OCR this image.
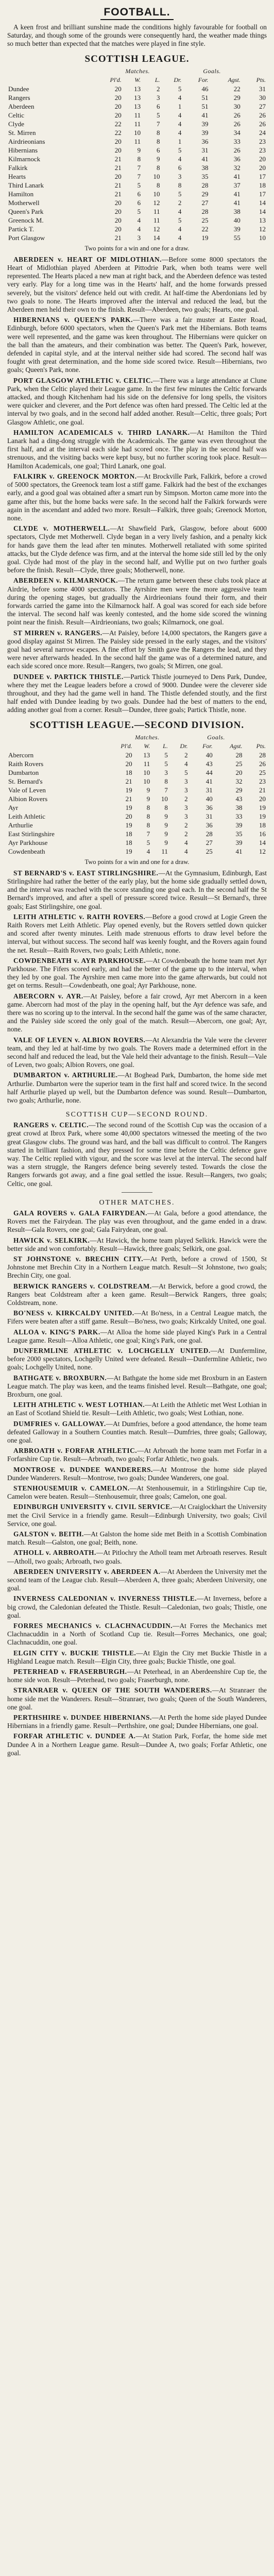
FOOTBALL.

A keen frost and brilliant sunshine made the conditions highly favourable for football on Saturday, and though some of the grounds were consequently hard, the weather made things so much better than expected that the matches were played in fine style.

SCOTTISH LEAGUE.
	Matches.				Goals.		
	Pl'd.	W.	L.	Dr.	For.	Agst.	Pts.
Dundee	20	13	2	5	46	22	31
Rangers	20	13	3	4	51	29	30
Aberdeen	20	13	6	1	51	30	27
Celtic	20	11	5	4	41	26	26
Clyde	22	11	7	4	39	26	26
St. Mirren	22	10	8	4	39	34	24
Airdrieonians	20	11	8	1	36	33	23
Hibernians	20	9	6	5	31	26	23
Kilmarnock	21	8	9	4	41	36	20
Falkirk	21	7	8	6	38	32	20
Hearts	20	7	10	3	35	41	17
Third Lanark	21	5	8	8	28	37	18
Hamilton	21	6	10	5	29	41	17
Motherwell	20	6	12	2	27	41	14
Queen's Park	20	5	11	4	28	38	14
Greenock M.	20	4	11	5	25	40	13
Partick T.	20	4	12	4	22	39	12
Port Glasgow	21	3	14	4	19	55	10

Two points for a win and one for a draw.

ABERDEEN v. HEART OF MIDLOTHIAN.—Before some 8000 spectators the Heart of Midlothian played Aberdeen at Pittodrie Park, when both teams were well represented. The Hearts placed a new man at right back, and the Aberdeen defence was tested very early. Play for a long time was in the Hearts' half, and the home forwards pressed severely, but the visitors' defence held out with credit. At half-time the Aberdonians led by two goals to none. The Hearts improved after the interval and reduced the lead, but the Aberdeen men held their own to the finish. Result—Aberdeen, two goals; Hearts, one goal.

HIBERNIANS v. QUEEN'S PARK.—There was a fair muster at Easter Road, Edinburgh, before 6000 spectators, when the Queen's Park met the Hibernians. Both teams were well represented, and the game was keen throughout. The Hibernians were quicker on the ball than the amateurs, and their combination was better. The Queen's Park, however, defended in capital style, and at the interval neither side had scored. The second half was fought with great determination, and the home side scored twice. Result—Hibernians, two goals; Queen's Park, none.

PORT GLASGOW ATHLETIC v. CELTIC.—There was a large attendance at Clune Park, when the Celtic played their League game. In the first few minutes the Celtic forwards attacked, and though Kitchenham had his side on the defensive for long spells, the visitors were quicker and cleverer, and the Port defence was often hard pressed. The Celtic led at the interval by two goals, and in the second half added another. Result—Celtic, three goals; Port Glasgow Athletic, one goal.

HAMILTON ACADEMICALS v. THIRD LANARK.—At Hamilton the Third Lanark had a ding-dong struggle with the Academicals. The game was even throughout the first half, and at the interval each side had scored once. The play in the second half was strenuous, and the visiting backs were kept busy, but no further scoring took place. Result—Hamilton Academicals, one goal; Third Lanark, one goal.

FALKIRK v. GREENOCK MORTON.—At Brockville Park, Falkirk, before a crowd of 5000 spectators, the Greenock team lost a stiff game. Falkirk had the best of the exchanges early, and a good goal was obtained after a smart run by Simpson. Morton came more into the game after this, but the home backs were safe. In the second half the Falkirk forwards were again in the ascendant and added two more. Result—Falkirk, three goals; Greenock Morton, none.

CLYDE v. MOTHERWELL.—At Shawfield Park, Glasgow, before about 6000 spectators, Clyde met Motherwell. Clyde began in a very lively fashion, and a penalty kick for hands gave them the lead after ten minutes. Motherwell retaliated with some spirited attacks, but the Clyde defence was firm, and at the interval the home side still led by the only goal. Clyde had most of the play in the second half, and Wyllie put on two further goals before the finish. Result—Clyde, three goals; Motherwell, none.

ABERDEEN v. KILMARNOCK.—The return game between these clubs took place at Airdrie, before some 4000 spectators. The Ayrshire men were the more aggressive team during the opening stages, but gradually the Airdrieonians found their form, and their forwards carried the game into the Kilmarnock half. A goal was scored for each side before the interval. The second half was keenly contested, and the home side scored the winning point near the finish. Result—Airdrieonians, two goals; Kilmarnock, one goal.

ST MIRREN v. RANGERS.—At Paisley, before 14,000 spectators, the Rangers gave a good display against St Mirren. The Paisley side pressed in the early stages, and the visitors' goal had several narrow escapes. A fine effort by Smith gave the Rangers the lead, and they were never afterwards headed. In the second half the game was of a determined nature, and each side scored once more. Result—Rangers, two goals; St Mirren, one goal.

DUNDEE v. PARTICK THISTLE.—Partick Thistle journeyed to Dens Park, Dundee, where they met the League leaders before a crowd of 9000. Dundee were the cleverer side throughout, and they had the game well in hand. The Thistle defended stoutly, and the first half ended with Dundee leading by two goals. Dundee had the best of matters to the end, adding another goal from a corner. Result—Dundee, three goals; Partick Thistle, none.

SCOTTISH LEAGUE.—SECOND DIVISION.
	Matches.				Goals.		
	Pl'd.	W.	L.	Dr.	For.	Agst.	Pts.
Abercorn	20	13	5	2	40	28	28
Raith Rovers	20	11	5	4	43	25	26
Dumbarton	18	10	3	5	44	20	25
St. Bernard's	21	10	8	3	41	32	23
Vale of Leven	19	9	7	3	31	29	21
Albion Rovers	21	9	10	2	40	43	20
Ayr	19	8	8	3	36	38	19
Leith Athletic	20	8	9	3	31	33	19
Arthurlie	19	8	9	2	36	39	18
East Stirlingshire	18	7	9	2	28	35	16
Ayr Parkhouse	18	5	9	4	27	39	14
Cowdenbeath	19	4	11	4	25	41	12

Two points for a win and one for a draw.

ST BERNARD'S v. EAST STIRLINGSHIRE.—At the Gymnasium, Edinburgh, East Stirlingshire had rather the better of the early play, but the home side gradually settled down, and the interval was reached with the score standing one goal each. In the second half the St Bernard's improved, and after a spell of pressure scored twice. Result—St Bernard's, three goals; East Stirlingshire, one goal.

LEITH ATHLETIC v. RAITH ROVERS.—Before a good crowd at Logie Green the Raith Rovers met Leith Athletic. Play opened evenly, but the Rovers settled down quicker and scored after twenty minutes. Leith made strenuous efforts to draw level before the interval, but without success. The second half was keenly fought, and the Rovers again found the net. Result—Raith Rovers, two goals; Leith Athletic, none.

COWDENBEATH v. AYR PARKHOUSE.—At Cowdenbeath the home team met Ayr Parkhouse. The Fifers scored early, and had the better of the game up to the interval, when they led by one goal. The Ayrshire men came more into the game afterwards, but could not get on terms. Result—Cowdenbeath, one goal; Ayr Parkhouse, none.

ABERCORN v. AYR.—At Paisley, before a fair crowd, Ayr met Abercorn in a keen game. Abercorn had most of the play in the opening half, but the Ayr defence was safe, and there was no scoring up to the interval. In the second half the game was of the same character, and the Paisley side scored the only goal of the match. Result—Abercorn, one goal; Ayr, none.

VALE OF LEVEN v. ALBION ROVERS.—At Alexandria the Vale were the cleverer team, and they led at half-time by two goals. The Rovers made a determined effort in the second half and reduced the lead, but the Vale held their advantage to the finish. Result—Vale of Leven, two goals; Albion Rovers, one goal.

DUMBARTON v. ARTHURLIE.—At Boghead Park, Dumbarton, the home side met Arthurlie. Dumbarton were the superior team in the first half and scored twice. In the second half Arthurlie played up well, but the Dumbarton defence was sound. Result—Dumbarton, two goals; Arthurlie, none.

SCOTTISH CUP—SECOND ROUND.

RANGERS v. CELTIC.—The second round of the Scottish Cup was the occasion of a great crowd at Ibrox Park, where some 40,000 spectators witnessed the meeting of the two great Glasgow clubs. The ground was hard, and the ball was difficult to control. The Rangers started in brilliant fashion, and they pressed for some time before the Celtic defence gave way. The Celtic replied with vigour, and the score was level at the interval. The second half was a stern struggle, the Rangers defence being severely tested. Towards the close the Rangers forwards got away, and a fine goal settled the issue. Result—Rangers, two goals; Celtic, one goal.

OTHER MATCHES.

GALA ROVERS v. GALA FAIRYDEAN.—At Gala, before a good attendance, the Rovers met the Fairydean. The play was even throughout, and the game ended in a draw. Result—Gala Rovers, one goal; Gala Fairydean, one goal.

HAWICK v. SELKIRK.—At Hawick, the home team played Selkirk. Hawick were the better side and won comfortably. Result—Hawick, three goals; Selkirk, one goal.

ST JOHNSTONE v. BRECHIN CITY.—At Perth, before a crowd of 1500, St Johnstone met Brechin City in a Northern League match. Result—St Johnstone, two goals; Brechin City, one goal.

BERWICK RANGERS v. COLDSTREAM.—At Berwick, before a good crowd, the Rangers beat Coldstream after a keen game. Result—Berwick Rangers, three goals; Coldstream, none.

BO'NESS v. KIRKCALDY UNITED.—At Bo'ness, in a Central League match, the Fifers were beaten after a stiff game. Result—Bo'ness, two goals; Kirkcaldy United, one goal.

ALLOA v. KING'S PARK.—At Alloa the home side played King's Park in a Central League game. Result—Alloa Athletic, one goal; King's Park, one goal.

DUNFERMLINE ATHLETIC v. LOCHGELLY UNITED.—At Dunfermline, before 2000 spectators, Lochgelly United were defeated. Result—Dunfermline Athletic, two goals; Lochgelly United, none.

BATHGATE v. BROXBURN.—At Bathgate the home side met Broxburn in an Eastern League match. The play was keen, and the teams finished level. Result—Bathgate, one goal; Broxburn, one goal.

LEITH ATHLETIC v. WEST LOTHIAN.—At Leith the Athletic met West Lothian in an East of Scotland Shield tie. Result—Leith Athletic, two goals; West Lothian, none.

DUMFRIES v. GALLOWAY.—At Dumfries, before a good attendance, the home team defeated Galloway in a Southern Counties match. Result—Dumfries, three goals; Galloway, one goal.

ARBROATH v. FORFAR ATHLETIC.—At Arbroath the home team met Forfar in a Forfarshire Cup tie. Result—Arbroath, two goals; Forfar Athletic, two goals.

MONTROSE v. DUNDEE WANDERERS.—At Montrose the home side played Dundee Wanderers. Result—Montrose, two goals; Dundee Wanderers, one goal.

STENHOUSEMUIR v. CAMELON.—At Stenhousemuir, in a Stirlingshire Cup tie, Camelon were beaten. Result—Stenhousemuir, three goals; Camelon, one goal.

EDINBURGH UNIVERSITY v. CIVIL SERVICE.—At Craiglockhart the University met the Civil Service in a friendly game. Result—Edinburgh University, two goals; Civil Service, one goal.

GALSTON v. BEITH.—At Galston the home side met Beith in a Scottish Combination match. Result—Galston, one goal; Beith, none.

ATHOLL v. ARBROATH.—At Pitlochry the Atholl team met Arbroath reserves. Result—Atholl, two goals; Arbroath, two goals.

ABERDEEN UNIVERSITY v. ABERDEEN A.—At Aberdeen the University met the second team of the League club. Result—Aberdeen A, three goals; Aberdeen University, one goal.

INVERNESS CALEDONIAN v. INVERNESS THISTLE.—At Inverness, before a big crowd, the Caledonian defeated the Thistle. Result—Caledonian, two goals; Thistle, one goal.

FORRES MECHANICS v. CLACHNACUDDIN.—At Forres the Mechanics met Clachnacuddin in a North of Scotland Cup tie. Result—Forres Mechanics, one goal; Clachnacuddin, one goal.

ELGIN CITY v. BUCKIE THISTLE.—At Elgin the City met Buckie Thistle in a Highland League match. Result—Elgin City, three goals; Buckie Thistle, one goal.

PETERHEAD v. FRASERBURGH.—At Peterhead, in an Aberdeenshire Cup tie, the home side won. Result—Peterhead, two goals; Fraserburgh, none.

STRANRAER v. QUEEN OF THE SOUTH WANDERERS.—At Stranraer the home side met the Wanderers. Result—Stranraer, two goals; Queen of the South Wanderers, one goal.

PERTHSHIRE v. DUNDEE HIBERNIANS.—At Perth the home side played Dundee Hibernians in a friendly game. Result—Perthshire, one goal; Dundee Hibernians, one goal.

FORFAR ATHLETIC v. DUNDEE A.—At Station Park, Forfar, the home side met Dundee A in a Northern League game. Result—Dundee A, two goals; Forfar Athletic, one goal.
